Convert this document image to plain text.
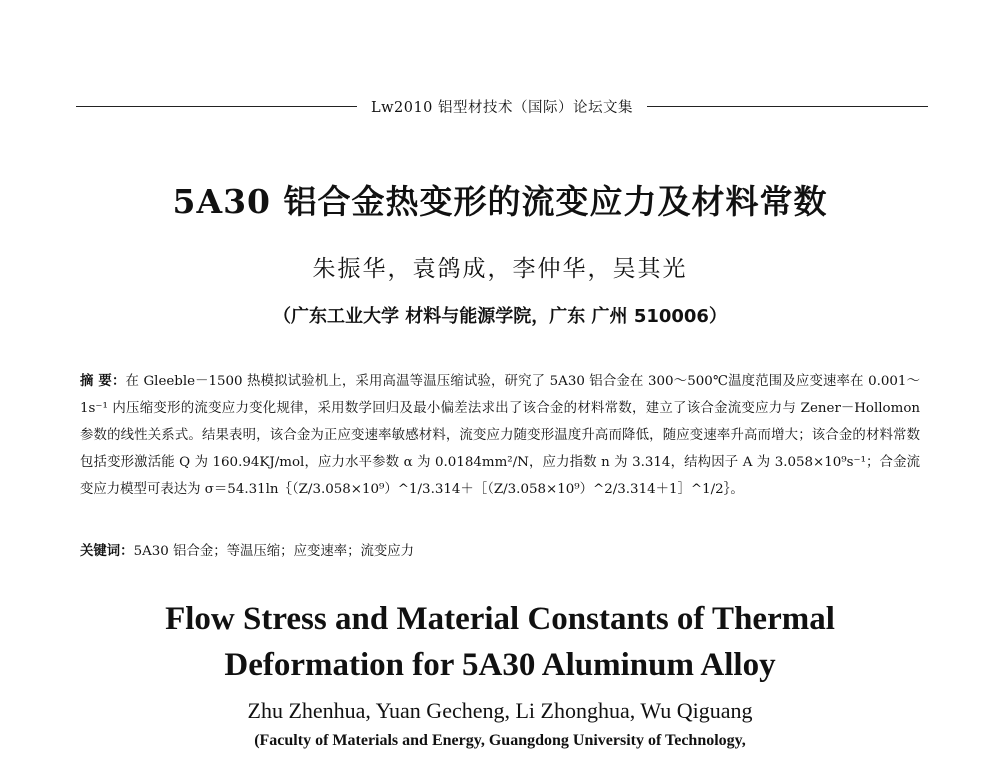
Lw2010 铝型材技术（国际）论坛文集
5A30 铝合金热变形的流变应力及材料常数
朱振华，袁鸽成，李仲华，吴其光
（广东工业大学 材料与能源学院，广东 广州 510006）
摘 要：在 Gleeble－1500 热模拟试验机上，采用高温等温压缩试验，研究了 5A30 铝合金在 300～500℃温度范围及应变速率在 0.001～1s⁻¹ 内压缩变形的流变应力变化规律，采用数学回归及最小偏差法求出了该合金的材料常数，建立了该合金流变应力与 Zener－Hollomon 参数的线性关系式。结果表明，该合金为正应变速率敏感材料，流变应力随变形温度升高而降低，随应变速率升高而增大；该合金的材料常数包括变形激活能 Q 为 160.94KJ/mol，应力水平参数 α 为 0.0184mm²/N，应力指数 n 为 3.314，结构因子 A 为 3.058×10⁹s⁻¹；合金流变应力模型可表达为 σ＝54.31ln｛（Z/3.058×10⁹）^1/3.314＋［（Z/3.058×10⁹）^2/3.314＋1］^1/2｝。
关键词：5A30 铝合金；等温压缩；应变速率；流变应力
Flow Stress and Material Constants of Thermal
Deformation for 5A30 Aluminum Alloy
Zhu Zhenhua, Yuan Gecheng, Li Zhonghua, Wu Qiguang
(Faculty of Materials and Energy, Guangdong University of Technology,
